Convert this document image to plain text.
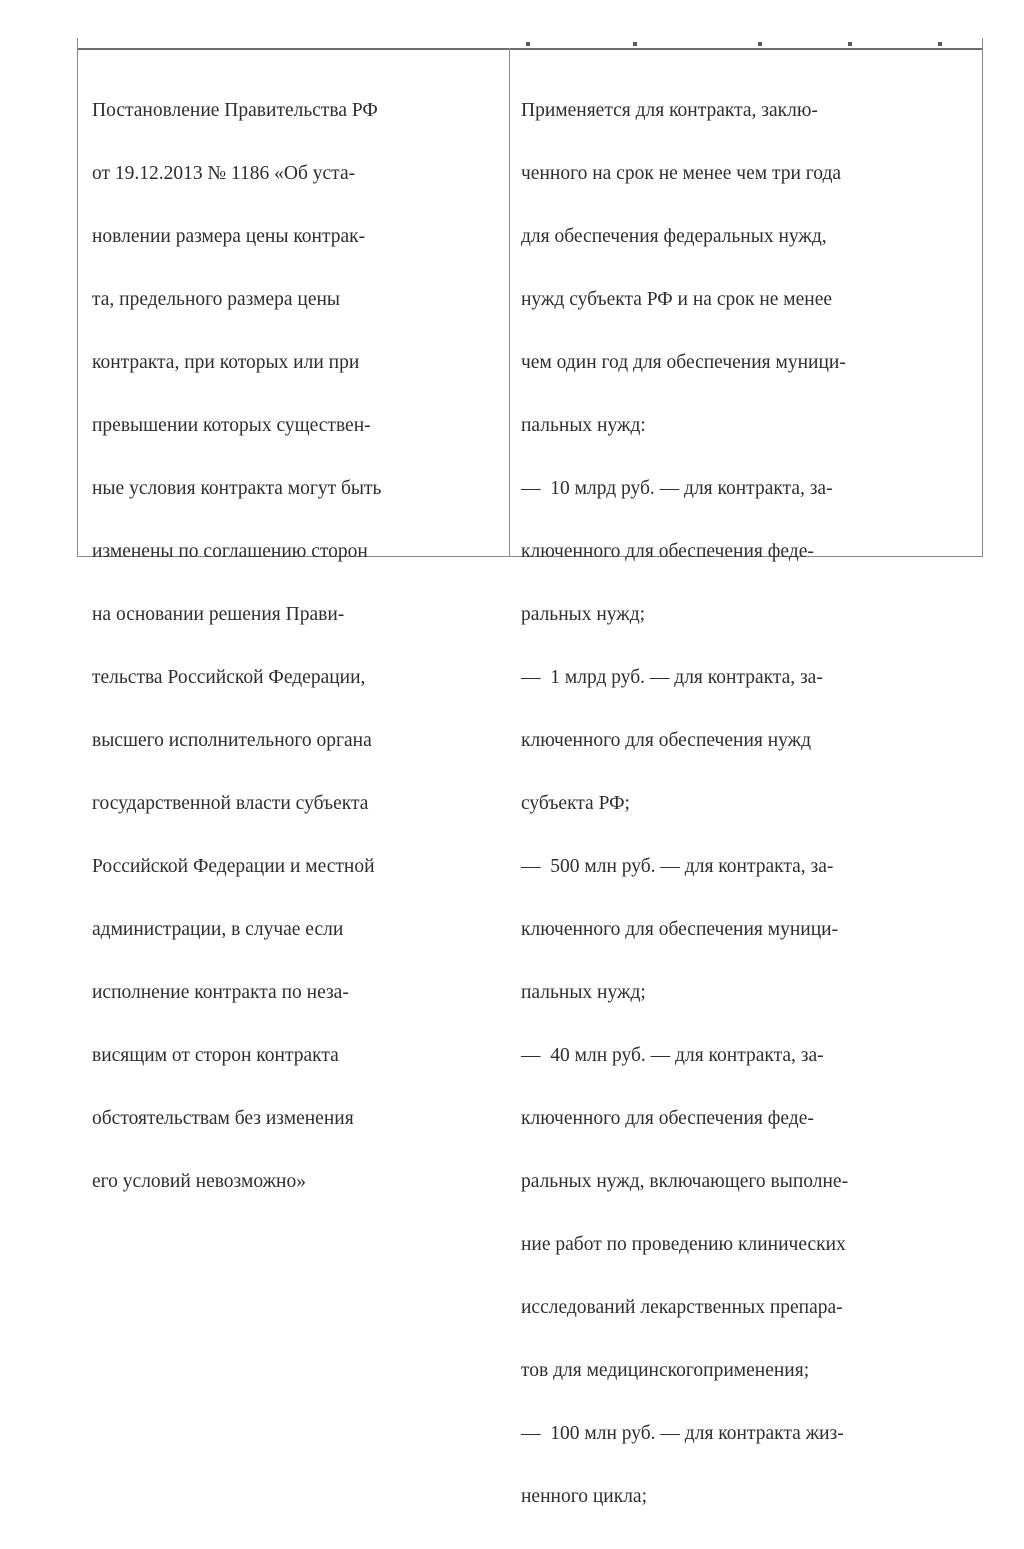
Постановление Правительства РФ

от 19.12.2013 № 1186 «Об уста-

новлении размера цены контрак-

та, предельного размера цены

контракта, при которых или при

превышении которых существен-

ные условия контракта могут быть

изменены по соглашению сторон

на основании решения Прави-

тельства Российской Федерации,

высшего исполнительного органа

государственной власти субъекта

Российской Федерации и местной

администрации, в случае если

исполнение контракта по неза-

висящим от сторон контракта

обстоятельствам без изменения

его условий невозможно»

Применяется для контракта, заклю-

ченного на срок не менее чем три года

для обеспечения федеральных нужд,

нужд субъекта РФ и на срок не менее

чем один год для обеспечения муници-

пальных нужд:

—  10 млрд руб. — для контракта, за-

ключенного для обеспечения феде-

ральных нужд;

—  1 млрд руб. — для контракта, за-

ключенного для обеспечения нужд

субъекта РФ;

—  500 млн руб. — для контракта, за-

ключенного для обеспечения муници-

пальных нужд;

—  40 млн руб. — для контракта, за-

ключенного для обеспечения феде-

ральных нужд, включающего выполне-

ние работ по проведению клинических

исследований лекарственных препара-

тов для медицинскогоприменения;

—  100 млн руб. — для контракта жиз-

ненного цикла;
